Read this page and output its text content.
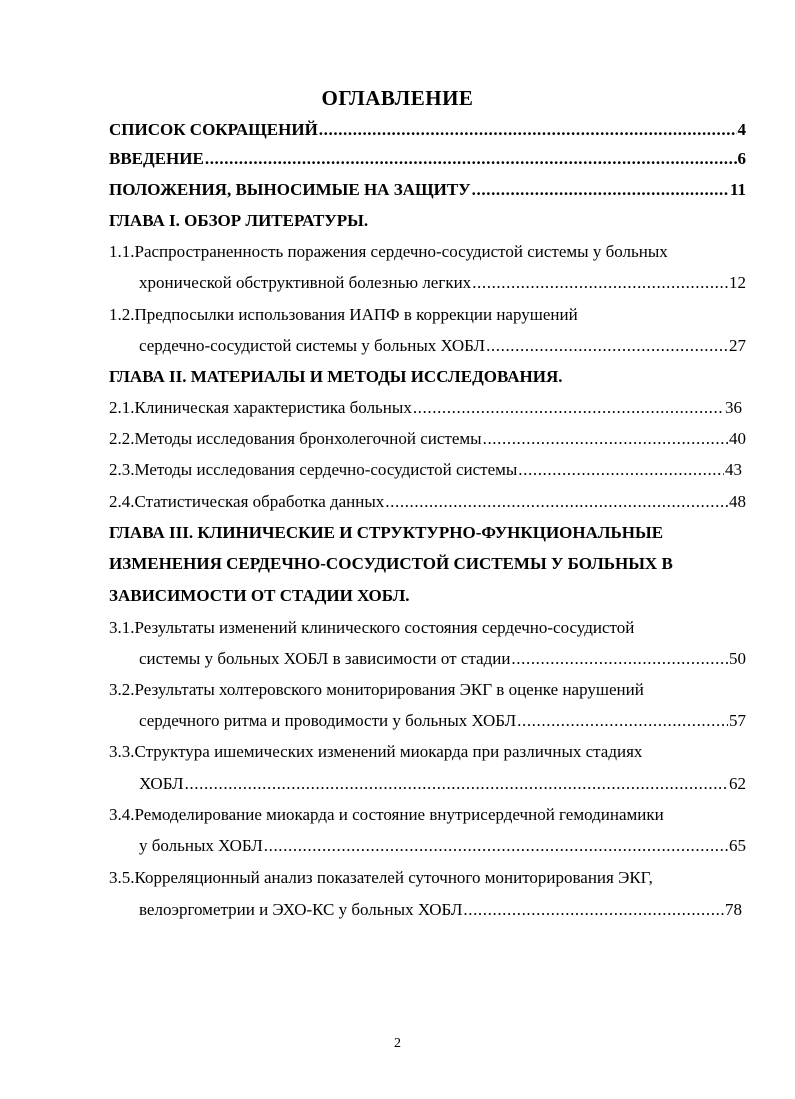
ОГЛАВЛЕНИЕ
СПИСОК СОКРАЩЕНИЙ .....	4
ВВЕДЕНИЕ .....	6
ПОЛОЖЕНИЯ, ВЫНОСИМЫЕ НА ЗАЩИТУ .....	11
ГЛАВА I. ОБЗОР ЛИТЕРАТУРЫ.
1.1.Распространенность поражения сердечно-сосудистой системы у больных
хронической обструктивной болезнью легких .....	12
1.2.Предпосылки использования ИАПФ в коррекции нарушений
сердечно-сосудистой системы у больных ХОБЛ .....	27
ГЛАВА II. МАТЕРИАЛЫ И МЕТОДЫ ИССЛЕДОВАНИЯ.
2.1.Клиническая характеристика больных .....	36
2.2.Методы исследования бронхолегочной системы .....	40
2.3.Методы исследования сердечно-сосудистой системы .....	43
2.4.Статистическая обработка данных .....	48
ГЛАВА III. КЛИНИЧЕСКИЕ И СТРУКТУРНО-ФУНКЦИОНАЛЬНЫЕ
ИЗМЕНЕНИЯ СЕРДЕЧНО-СОСУДИСТОЙ СИСТЕМЫ У БОЛЬНЫХ В
ЗАВИСИМОСТИ ОТ СТАДИИ ХОБЛ.
3.1.Результаты изменений клинического состояния сердечно-сосудистой
системы у больных ХОБЛ в зависимости от стадии .....	50
3.2.Результаты холтеровского мониторирования ЭКГ в оценке нарушений
сердечного ритма и проводимости у больных ХОБЛ .....	57
3.3.Структура ишемических изменений миокарда при различных стадиях
ХОБЛ .....	62
3.4.Ремоделирование миокарда и состояние внутрисердечной гемодинамики
у больных ХОБЛ .....	65
3.5.Корреляционный анализ показателей суточного мониторирования ЭКГ,
велоэргометрии и ЭХО-КС у больных ХОБЛ .....	78
2
